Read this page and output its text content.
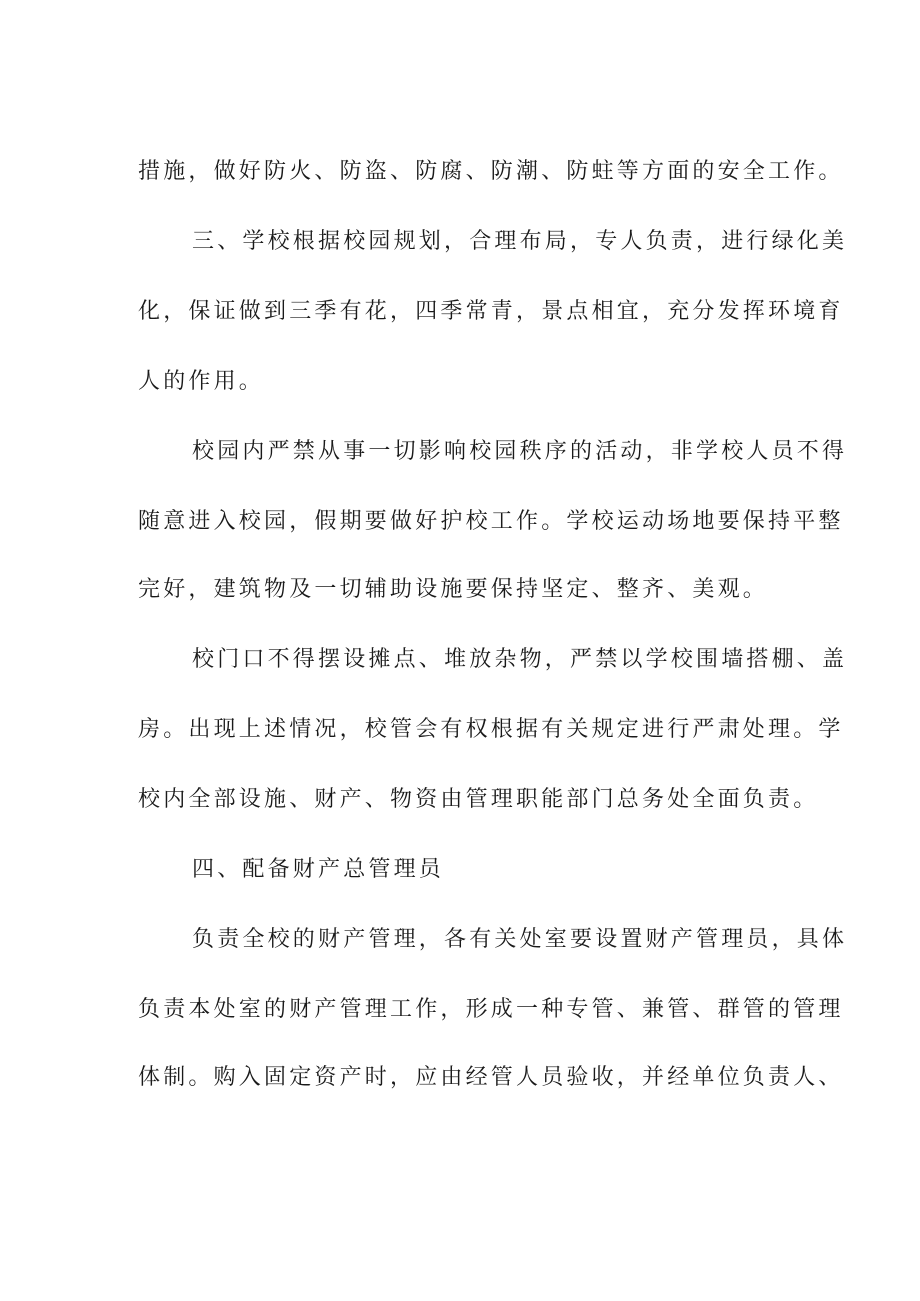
措施，做好防火、防盗、防腐、防潮、防蛀等方面的安全工作。
三、学校根据校园规划，合理布局，专人负责，进行绿化美
化，保证做到三季有花，四季常青，景点相宜，充分发挥环境育
人的作用。
校园内严禁从事一切影响校园秩序的活动，非学校人员不得
随意进入校园，假期要做好护校工作。学校运动场地要保持平整
完好，建筑物及一切辅助设施要保持坚定、整齐、美观。
校门口不得摆设摊点、堆放杂物，严禁以学校围墙搭棚、盖
房。出现上述情况，校管会有权根据有关规定进行严肃处理。学
校内全部设施、财产、物资由管理职能部门总务处全面负责。
四、配备财产总管理员
负责全校的财产管理，各有关处室要设置财产管理员，具体
负责本处室的财产管理工作，形成一种专管、兼管、群管的管理
体制。购入固定资产时，应由经管人员验收，并经单位负责人、
